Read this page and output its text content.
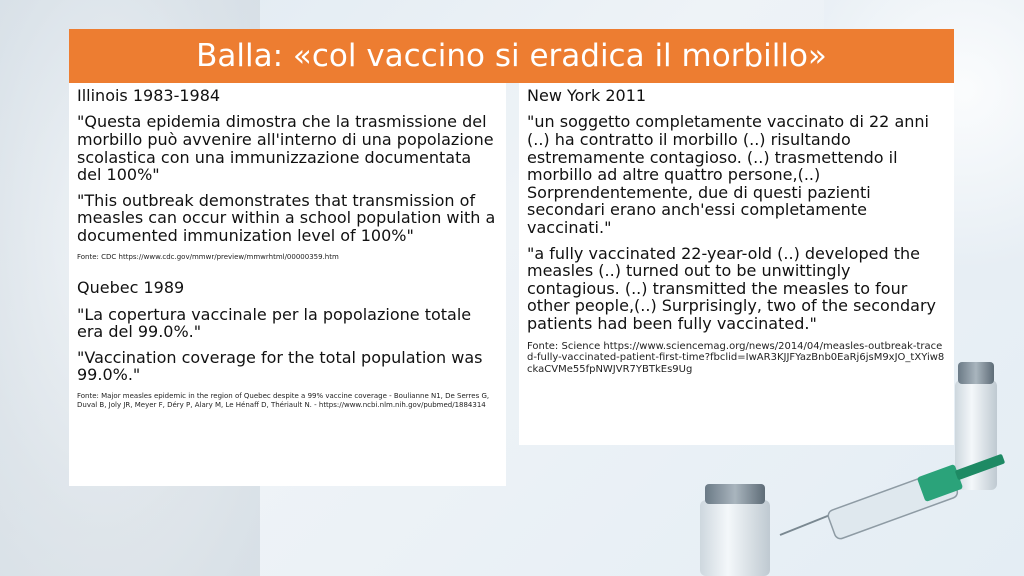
Balla: «col vaccino si eradica il morbillo»

Illinois 1983-1984

"Questa epidemia dimostra che la trasmissione del morbillo può avvenire all'interno di una popolazione scolastica con una immunizzazione documentata del 100%"

"This outbreak demonstrates that transmission of measles can occur within a school population with a documented immunization level of 100%"

Fonte: CDC https://www.cdc.gov/mmwr/preview/mmwrhtml/00000359.htm

Quebec 1989

"La copertura vaccinale per la popolazione totale era del 99.0%."

"Vaccination coverage for the total population was 99.0%."

Fonte: Major measles epidemic in the region of Quebec despite a 99% vaccine coverage - Boulianne N1, De Serres G, Duval B, Joly JR, Meyer F, Déry P, Alary M, Le Hénaff D, Thériault N. - https://www.ncbi.nlm.nih.gov/pubmed/1884314

New York 2011

"un soggetto completamente vaccinato di 22 anni (..) ha contratto il morbillo (..) risultando estremamente contagioso. (..) trasmettendo il morbillo ad altre quattro persone,(..) Sorprendentemente, due di questi pazienti secondari erano anch'essi completamente vaccinati."

"a fully vaccinated 22-year-old (..) developed the measles (..) turned out to be unwittingly contagious. (..) transmitted the measles to four other people,(..) Surprisingly, two of the secondary patients had been fully vaccinated."

Fonte: Science https://www.sciencemag.org/news/2014/04/measles-outbreak-traced-fully-vaccinated-patient-first-time?fbclid=IwAR3KJJFYazBnb0EaRj6jsM9xJO_tXYiw8ckaCVMe55fpNWJVR7YBTkEs9Ug
